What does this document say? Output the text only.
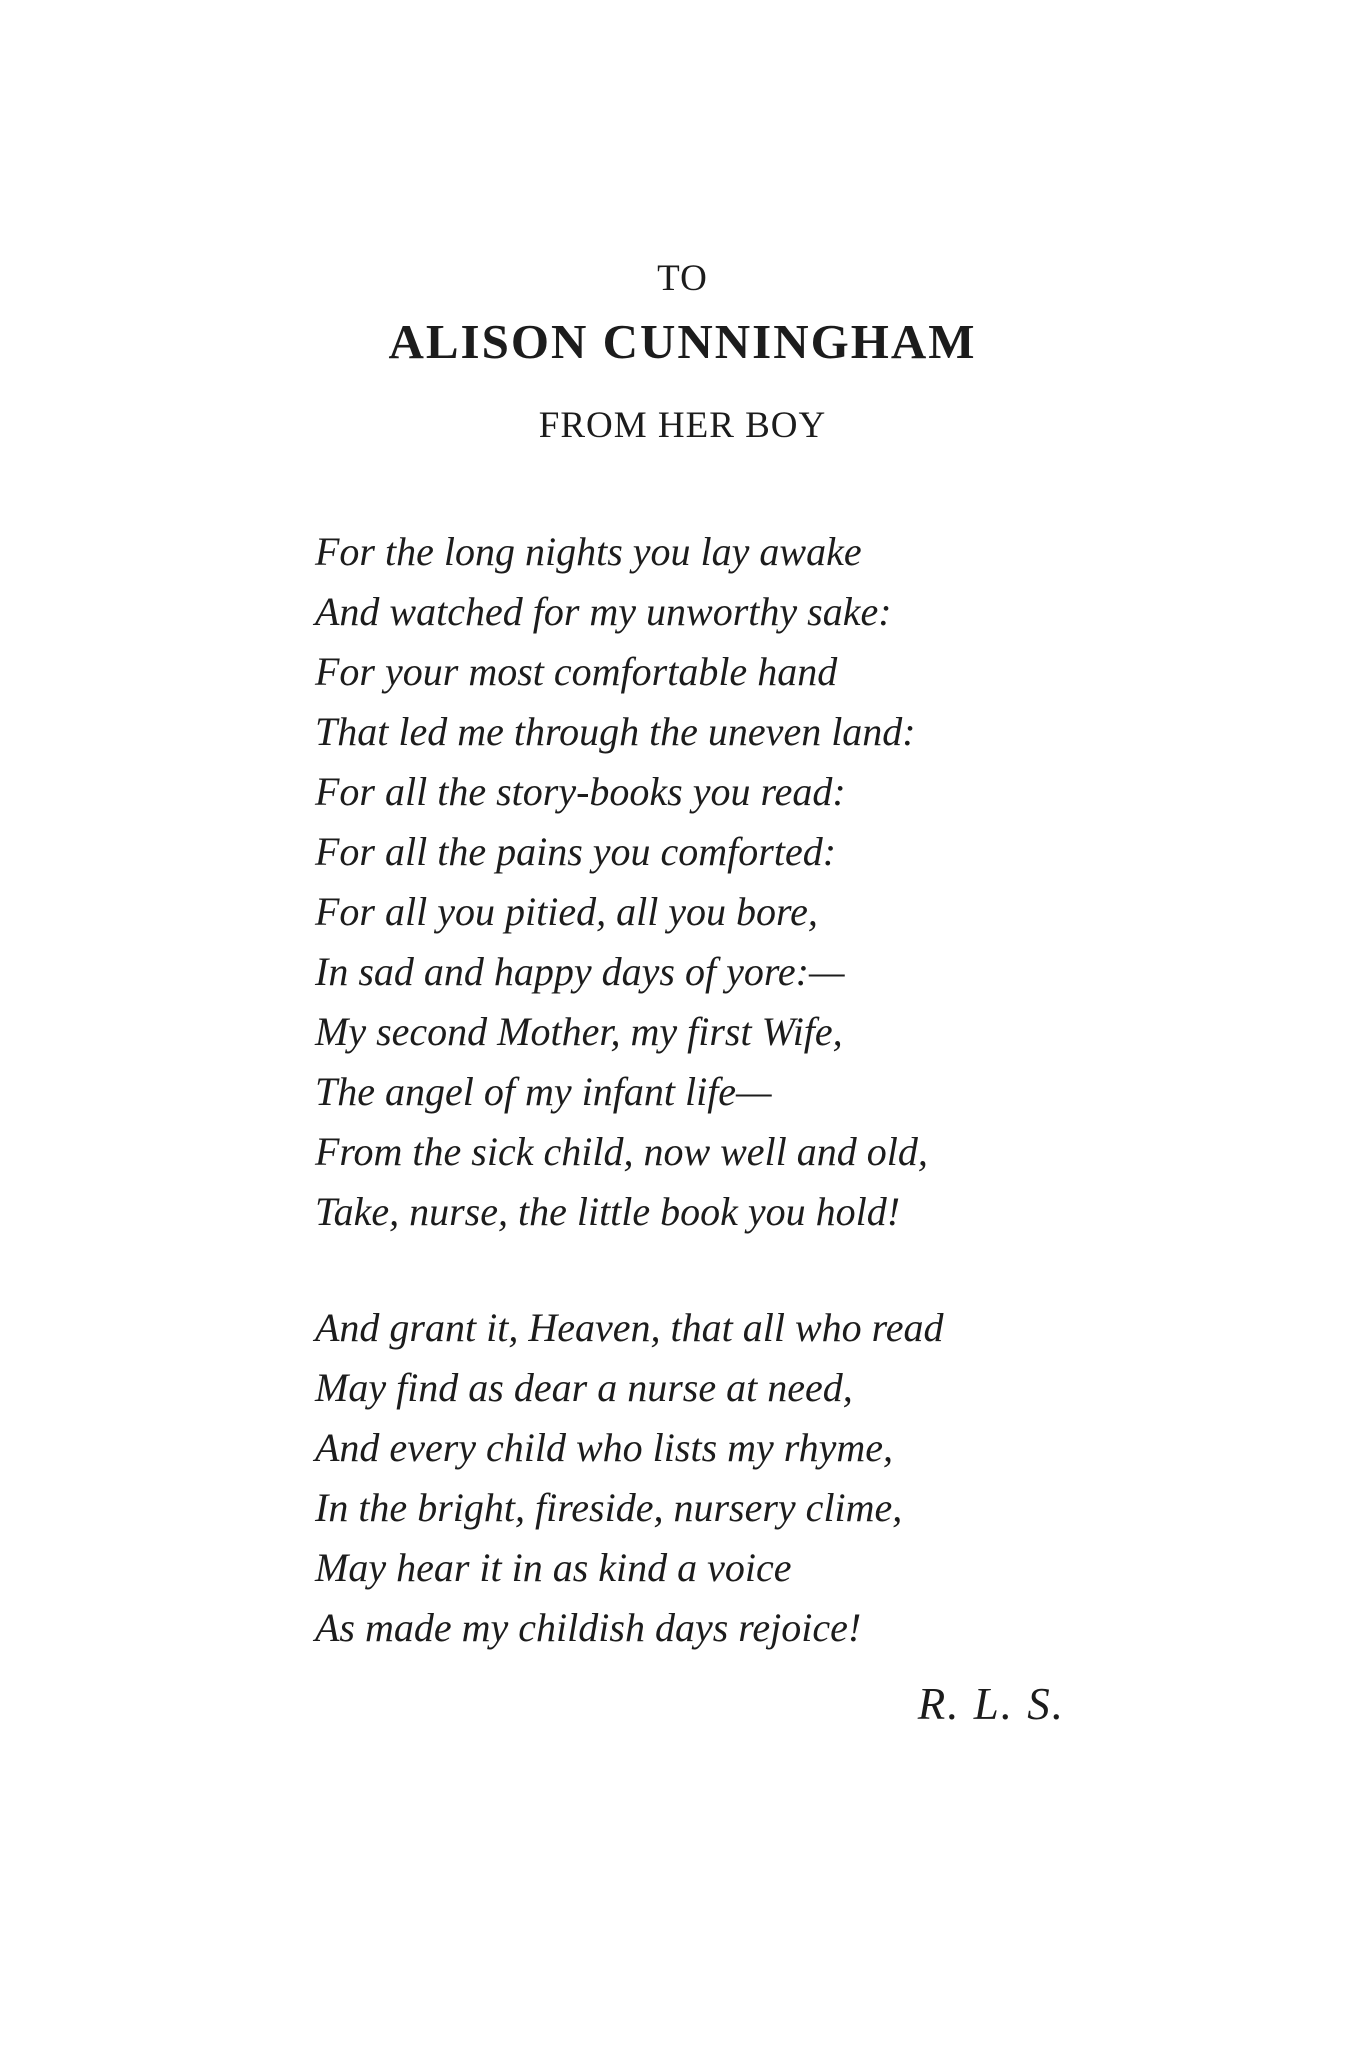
TO
ALISON CUNNINGHAM
FROM HER BOY
For the long nights you lay awake
And watched for my unworthy sake:
For your most comfortable hand
That led me through the uneven land:
For all the story-books you read:
For all the pains you comforted:
For all you pitied, all you bore,
In sad and happy days of yore:—
My second Mother, my first Wife,
The angel of my infant life—
From the sick child, now well and old,
Take, nurse, the little book you hold!
And grant it, Heaven, that all who read
May find as dear a nurse at need,
And every child who lists my rhyme,
In the bright, fireside, nursery clime,
May hear it in as kind a voice
As made my childish days rejoice!
R. L. S.
